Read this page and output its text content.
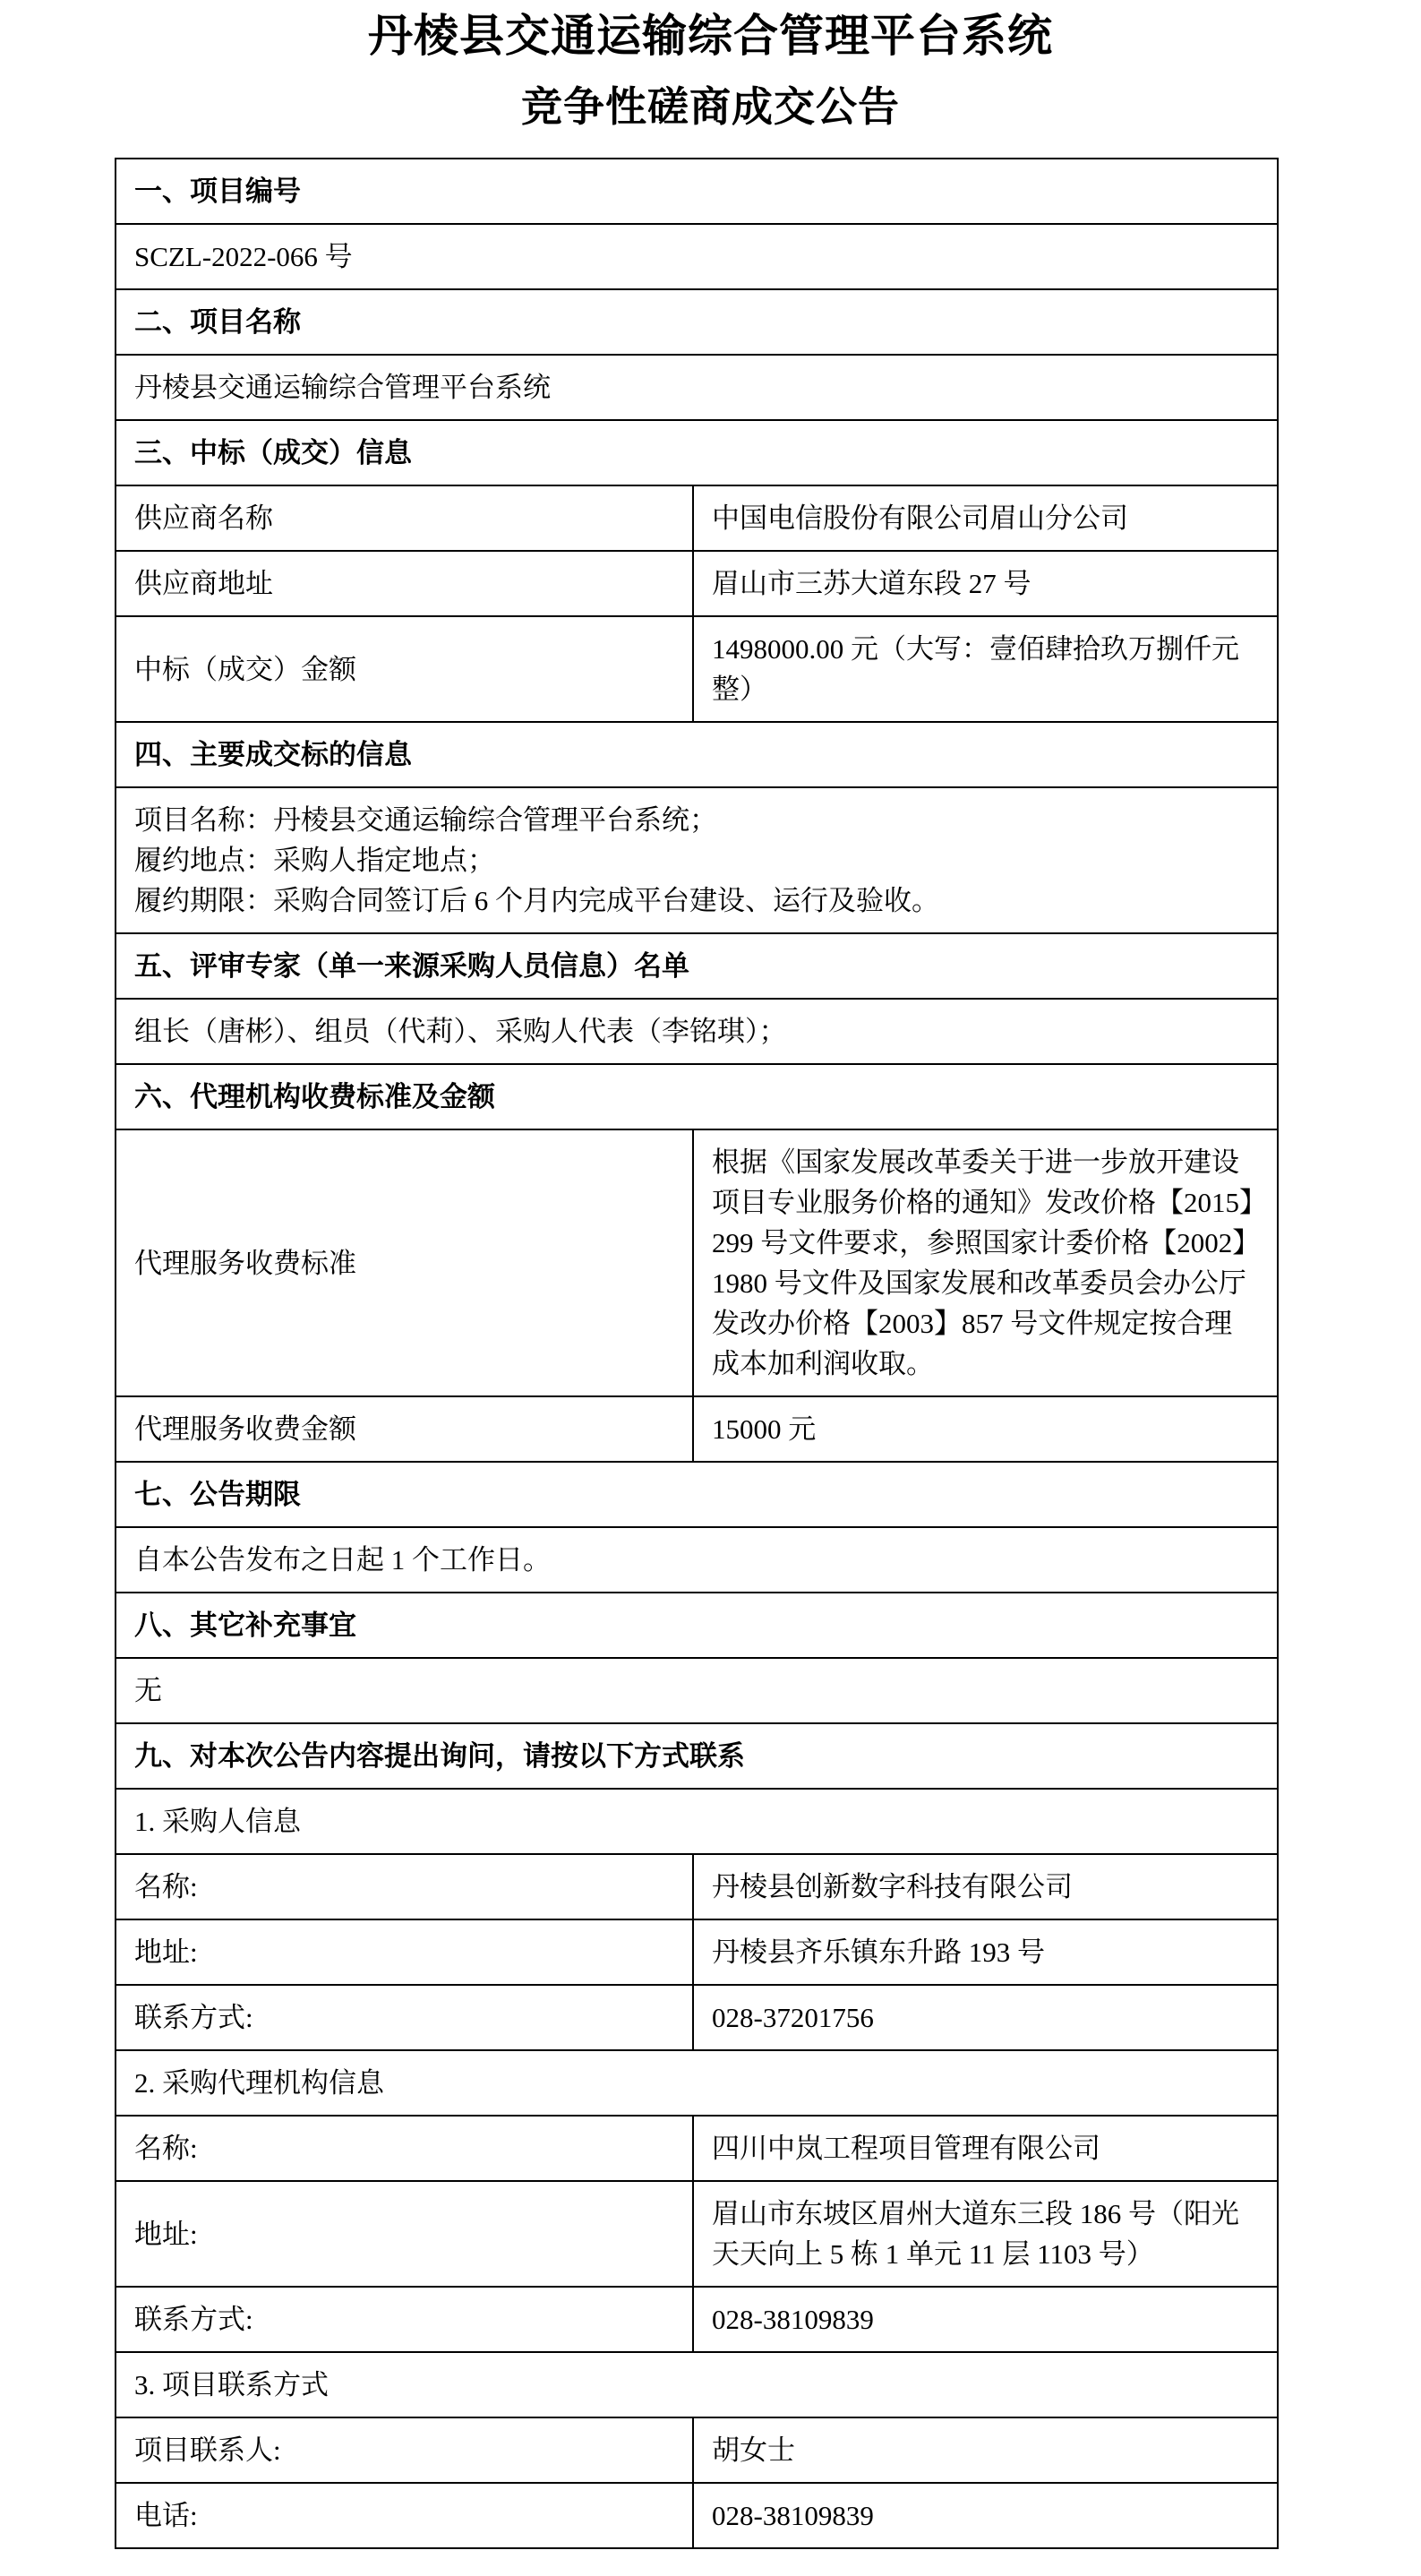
丹棱县交通运输综合管理平台系统
竞争性磋商成交公告
一、项目编号	
SCZL-2022-066 号	
二、项目名称	
丹棱县交通运输综合管理平台系统	
三、中标（成交）信息	
供应商名称	中国电信股份有限公司眉山分公司
供应商地址	眉山市三苏大道东段 27 号
中标（成交）金额	1498000.00 元（大写：壹佰肆拾玖万捌仟元整）
四、主要成交标的信息	

项目名称：丹棱县交通运输综合管理平台系统；
履约地点：采购人指定地点；
履约期限：采购合同签订后 6 个月内完成平台建设、运行及验收。	

五、评审专家（单一来源采购人员信息）名单	
组长（唐彬）、组员（代莉）、采购人代表（李铭琪）；	
六、代理机构收费标准及金额	
代理服务收费标准	根据《国家发展改革委关于进一步放开建设项目专业服务价格的通知》发改价格【2015】299 号文件要求，参照国家计委价格【2002】1980 号文件及国家发展和改革委员会办公厅发改办价格【2003】857 号文件规定按合理成本加利润收取。
代理服务收费金额	15000 元
七、公告期限	
自本公告发布之日起 1 个工作日。	
八、其它补充事宜	
无	
九、对本次公告内容提出询问，请按以下方式联系	
1. 采购人信息	
名称:	丹棱县创新数字科技有限公司
地址:	丹棱县齐乐镇东升路 193 号
联系方式:	028-37201756
2. 采购代理机构信息	
名称:	四川中岚工程项目管理有限公司
地址:	眉山市东坡区眉州大道东三段 186 号（阳光天天向上 5 栋 1 单元 11 层 1103 号）
联系方式:	028-38109839
3. 项目联系方式	
项目联系人:	胡女士
电话:	028-38109839
